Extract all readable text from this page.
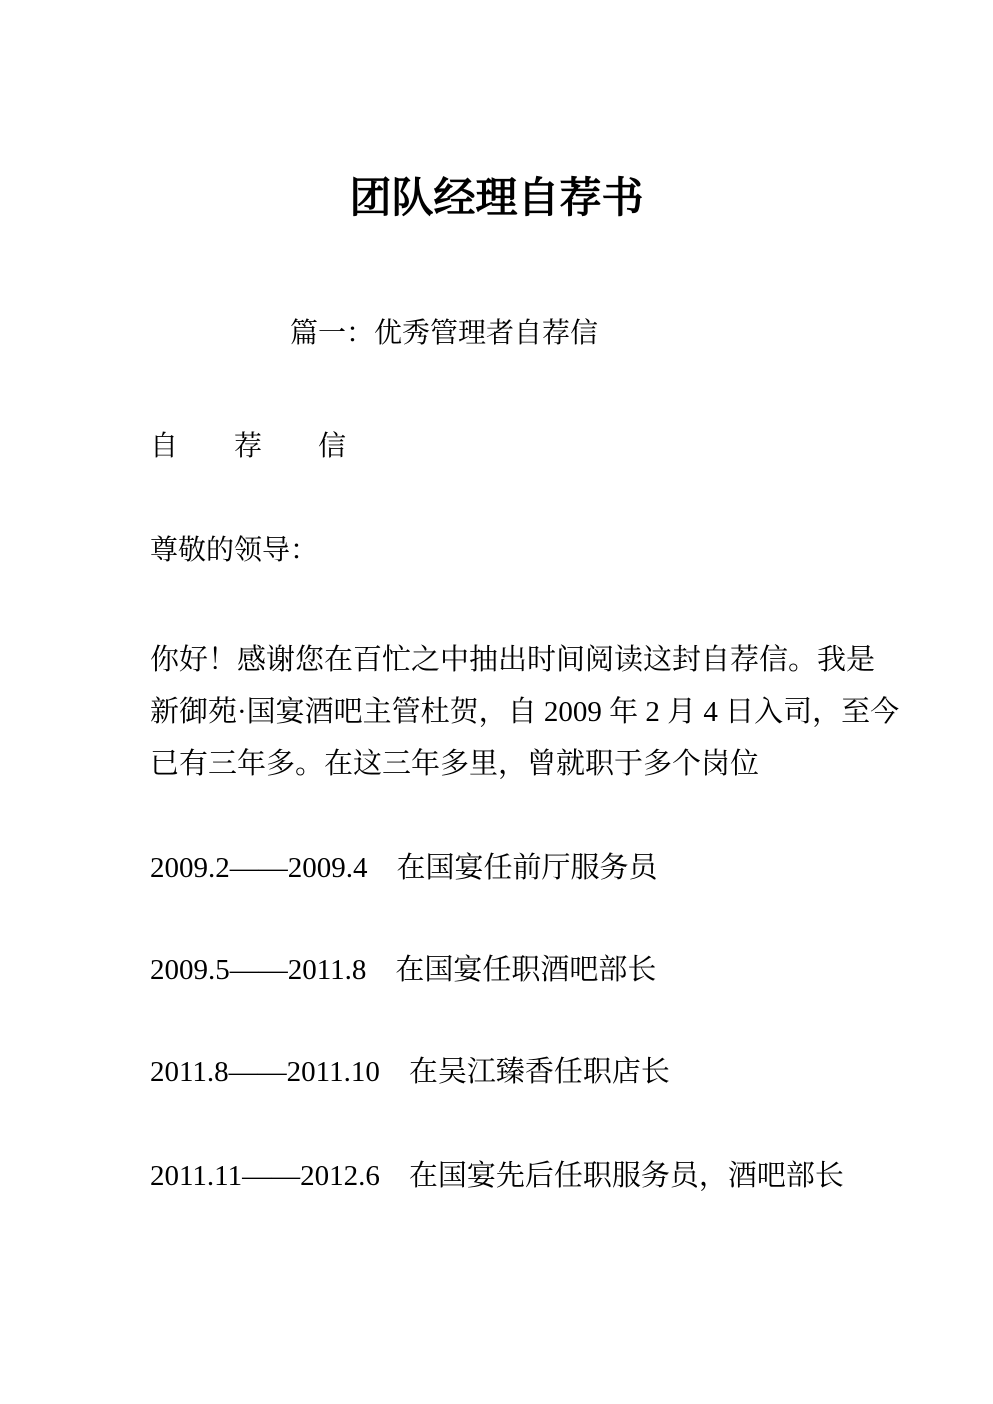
团队经理自荐书
篇一：优秀管理者自荐信
自　　荐　　信
尊敬的领导：
你好！感谢您在百忙之中抽出时间阅读这封自荐信。我是
新御苑·国宴酒吧主管杜贺，自 2009 年 2 月 4 日入司，至今
已有三年多。在这三年多里，曾就职于多个岗位
2009.2——2009.4　在国宴任前厅服务员
2009.5——2011.8　在国宴任职酒吧部长
2011.8——2011.10　在吴江臻香任职店长
2011.11——2012.6　在国宴先后任职服务员，酒吧部长
